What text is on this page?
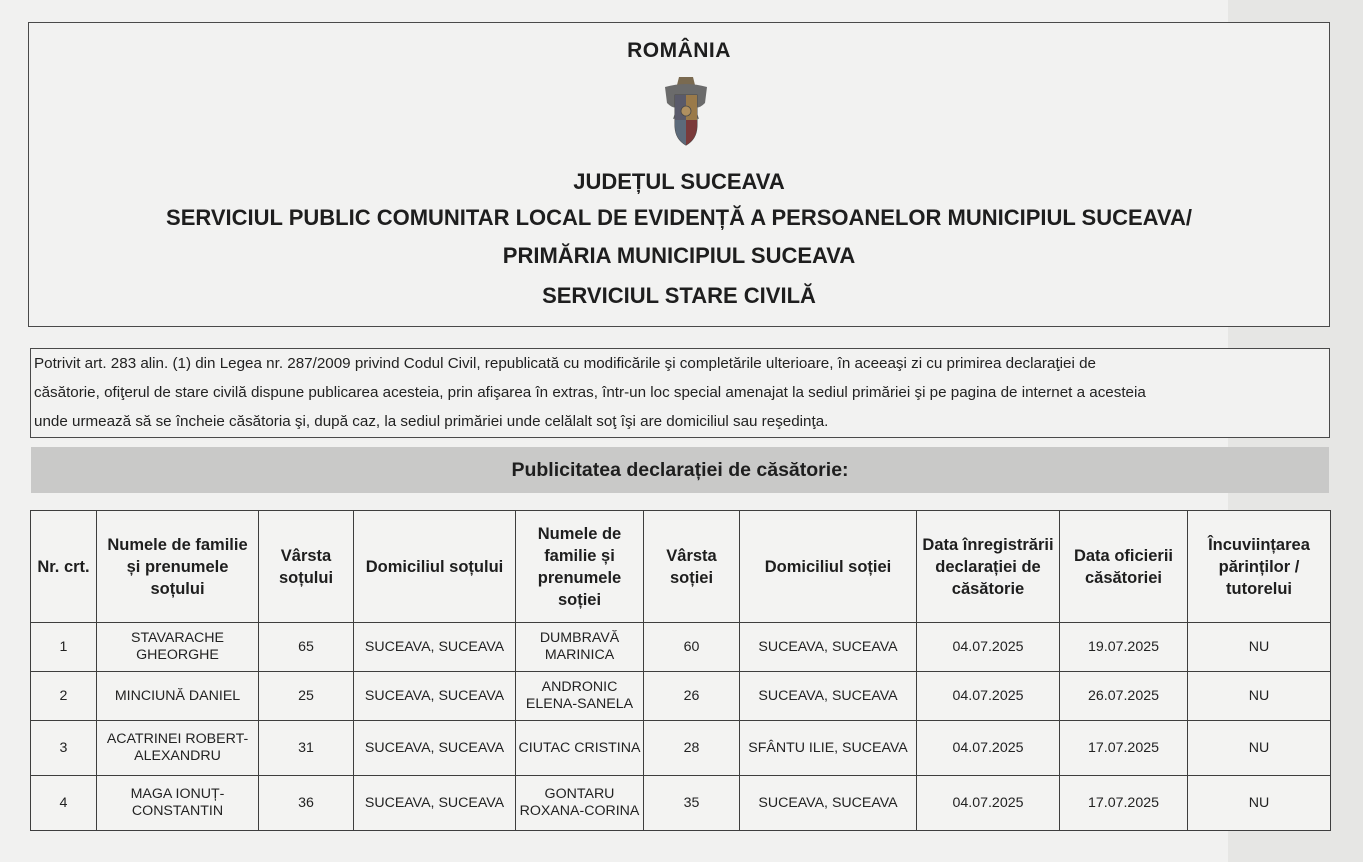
ROMÂNIA
JUDEȚUL SUCEAVA
SERVICIUL PUBLIC COMUNITAR LOCAL DE EVIDENȚĂ A PERSOANELOR MUNICIPIUL SUCEAVA/
PRIMĂRIA MUNICIPIUL SUCEAVA
SERVICIUL STARE CIVILĂ
Potrivit art. 283 alin. (1) din Legea nr. 287/2009 privind Codul Civil, republicată cu modificările şi completările ulterioare, în aceeaşi zi cu primirea declaraţiei de
căsătorie, ofiţerul de stare civilă dispune publicarea acesteia, prin afişarea în extras, într-un loc special amenajat la sediul primăriei şi pe pagina de internet a acesteia
unde urmează să se încheie căsătoria şi, după caz, la sediul primăriei unde celălalt soţ îşi are domiciliul sau reşedinţa.
Publicitatea declarației de căsătorie:
Nr. crt.	Numele de familie și prenumele soțului	Vârsta soțului	Domiciliul soțului	Numele de familie și prenumele soției	Vârsta soției	Domiciliul soției	Data înregistrării declarației de căsătorie	Data oficierii căsătoriei	Încuviințarea părinților / tutorelui
1	STAVARACHE GHEORGHE	65	SUCEAVA, SUCEAVA	DUMBRAVĂ MARINICA	60	SUCEAVA, SUCEAVA	04.07.2025	19.07.2025	NU
2	MINCIUNĂ DANIEL	25	SUCEAVA, SUCEAVA	ANDRONIC ELENA-SANELA	26	SUCEAVA, SUCEAVA	04.07.2025	26.07.2025	NU
3	ACATRINEI ROBERT-ALEXANDRU	31	SUCEAVA, SUCEAVA	CIUTAC CRISTINA	28	SFÂNTU ILIE, SUCEAVA	04.07.2025	17.07.2025	NU
4	MAGA IONUȚ-CONSTANTIN	36	SUCEAVA, SUCEAVA	GONTARU ROXANA-CORINA	35	SUCEAVA, SUCEAVA	04.07.2025	17.07.2025	NU
